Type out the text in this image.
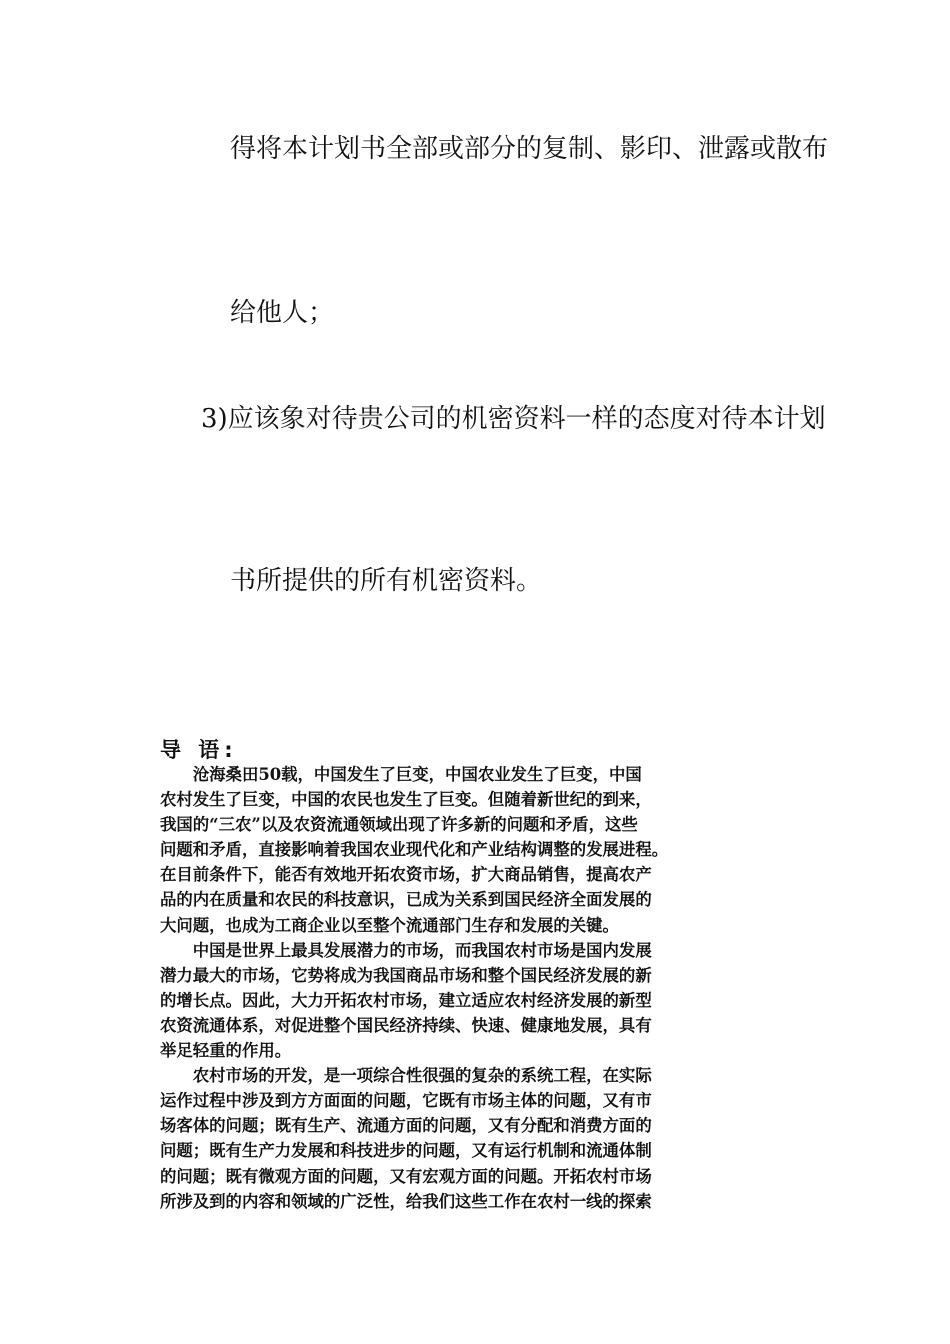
得将本计划书全部或部分的复制、影印、泄露或散布
给他人；
3)应该象对待贵公司的机密资料一样的态度对待本计划
书所提供的所有机密资料。
导 语:
　　沧海桑田50载，中国发生了巨变，中国农业发生了巨变，中国
农村发生了巨变，中国的农民也发生了巨变。但随着新世纪的到来，
我国的“三农”以及农资流通领域出现了许多新的问题和矛盾，这些
问题和矛盾，直接影响着我国农业现代化和产业结构调整的发展进程。
在目前条件下，能否有效地开拓农资市场，扩大商品销售，提高农产
品的内在质量和农民的科技意识，已成为关系到国民经济全面发展的
大问题，也成为工商企业以至整个流通部门生存和发展的关键。
　　中国是世界上最具发展潜力的市场，而我国农村市场是国内发展
潜力最大的市场，它势将成为我国商品市场和整个国民经济发展的新
的增长点。因此，大力开拓农村市场，建立适应农村经济发展的新型
农资流通体系，对促进整个国民经济持续、快速、健康地发展，具有
举足轻重的作用。
　　农村市场的开发，是一项综合性很强的复杂的系统工程，在实际
运作过程中涉及到方方面面的问题，它既有市场主体的问题，又有市
场客体的问题；既有生产、流通方面的问题，又有分配和消费方面的
问题；既有生产力发展和科技进步的问题，又有运行机制和流通体制
的问题；既有微观方面的问题，又有宏观方面的问题。开拓农村市场
所涉及到的内容和领域的广泛性，给我们这些工作在农村一线的探索
